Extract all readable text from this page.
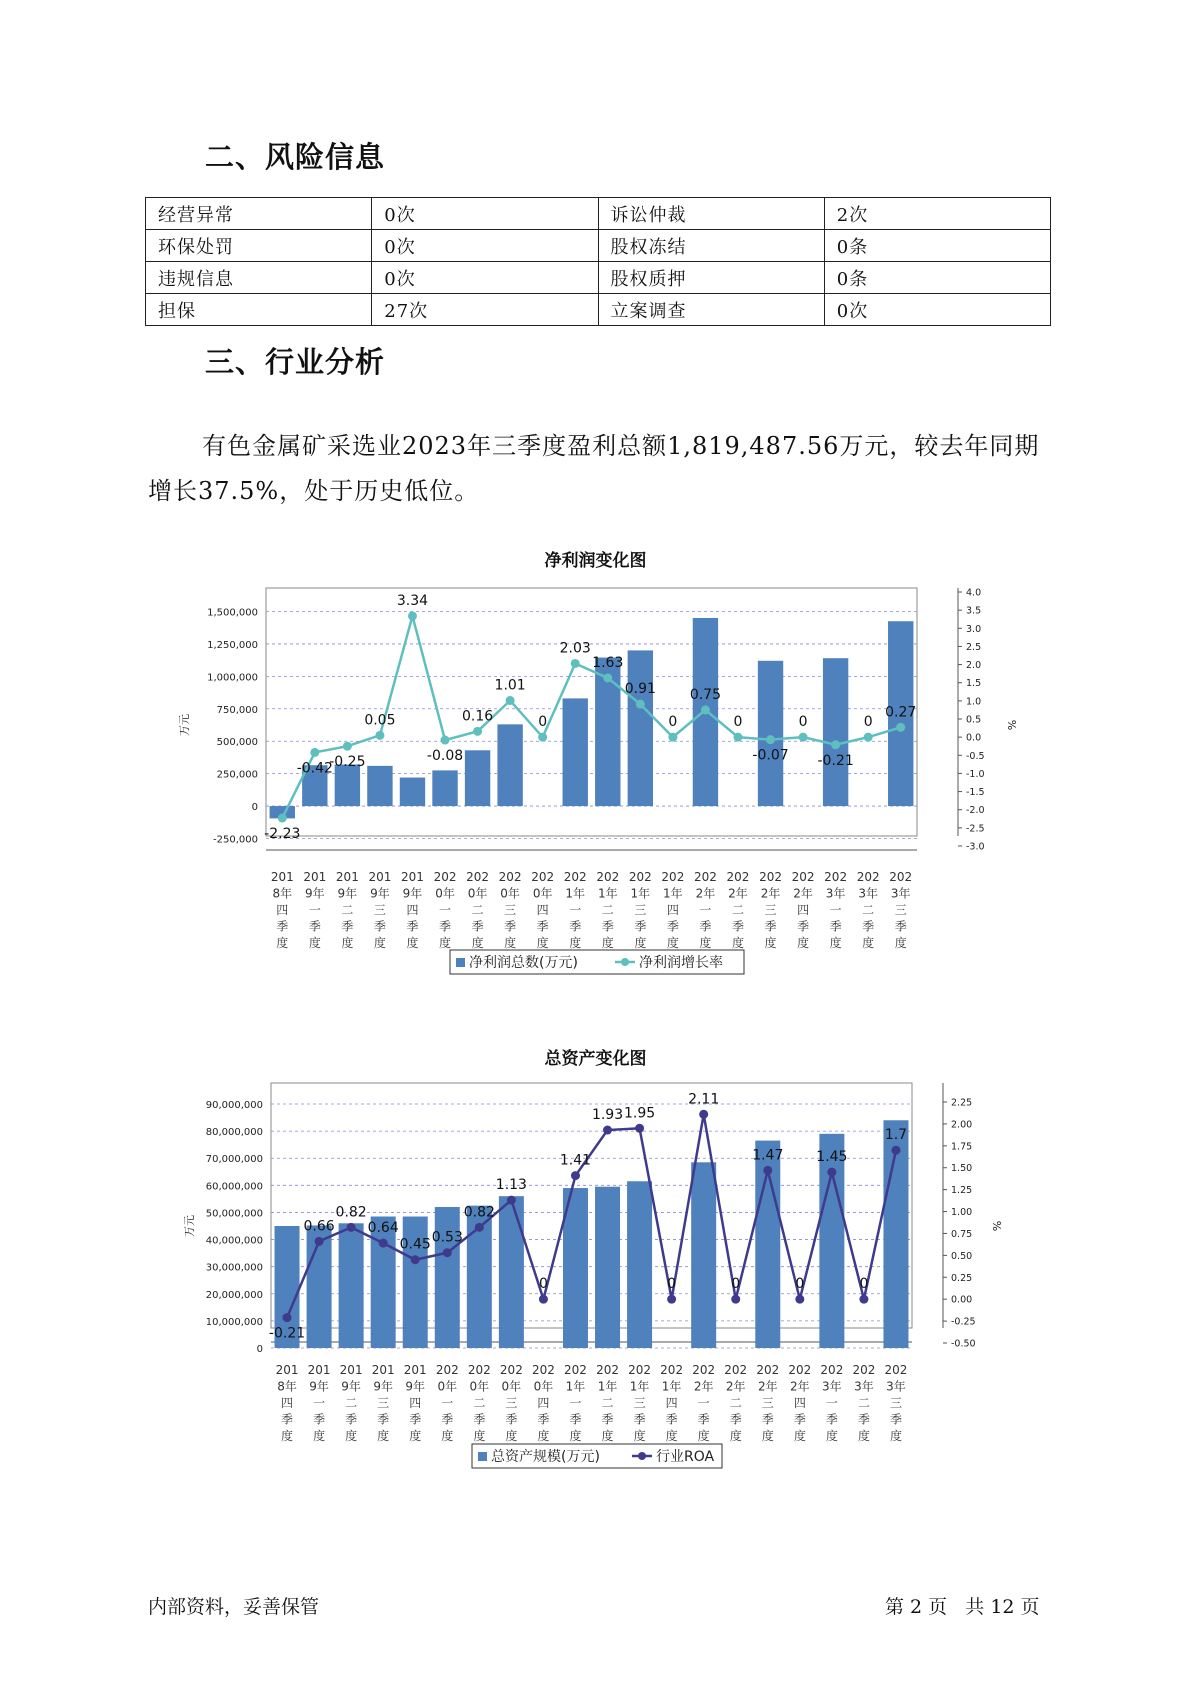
二、风险信息
经营异常	0次	诉讼仲裁	2次
环保处罚	0次	股权冻结	0条
违规信息	0次	股权质押	0条
担保	27次	立案调查	0次
三、行业分析
有色金属矿采选业2023年三季度盈利总额1,819,487.56万元，较去年同期增长37.5%，处于历史低位。
净利润变化图
-250,000
0
250,000
500,000
750,000
1,000,000
1,250,000
1,500,000
-3.0
-2.5
-2.0
-1.5
-1.0
-0.5
0.0
0.5
1.0
1.5
2.0
2.5
3.0
3.5
4.0
万元	%
-2.23
-0.42
-0.25
0.05
3.34
-0.08
0.16
1.01
0
2.03
1.63
0.91
0
0.75
0
-0.07
0
-0.21
0
0.27
201
8年
四
季
度
201
9年
一
季
度
201
9年
二
季
度
201
9年
三
季
度
201
9年
四
季
度
202
0年
一
季
度
202
0年
二
季
度
202
0年
三
季
度
202
0年
四
季
度
202
1年
一
季
度
202
1年
二
季
度
202
1年
三
季
度
202
1年
四
季
度
202
2年
一
季
度
202
2年
二
季
度
202
2年
三
季
度
202
2年
四
季
度
202
3年
一
季
度
202
3年
二
季
度
202
3年
三
季
度
净利润总数(万元)	净利润增长率
总资产变化图
0
10,000,000
20,000,000
30,000,000
40,000,000
50,000,000
60,000,000
70,000,000
80,000,000
90,000,000
-0.50
-0.25
0.00
0.25
0.50
0.75
1.00
1.25
1.50
1.75
2.00
2.25
万元	%
-0.21
0.66
0.82
0.64
0.45 0.53
0.82
1.13
0
1.41
1.93 1.95
0
2.11
0
1.47
0
1.45
0
1.7
201
8年
四
季
度
201
9年
一
季
度
201
9年
二
季
度
201
9年
三
季
度
201
9年
四
季
度
202
0年
一
季
度
202
0年
二
季
度
202
0年
三
季
度
202
0年
四
季
度
202
1年
一
季
度
202
1年
二
季
度
202
1年
三
季
度
202
1年
四
季
度
202
2年
一
季
度
202
2年
二
季
度
202
2年
三
季
度
202
2年
四
季
度
202
3年
一
季
度
202
3年
二
季
度
202
3年
三
季
度
总资产规模(万元)	行业ROA
内部资料，妥善保管	第 2 页   共 12 页
